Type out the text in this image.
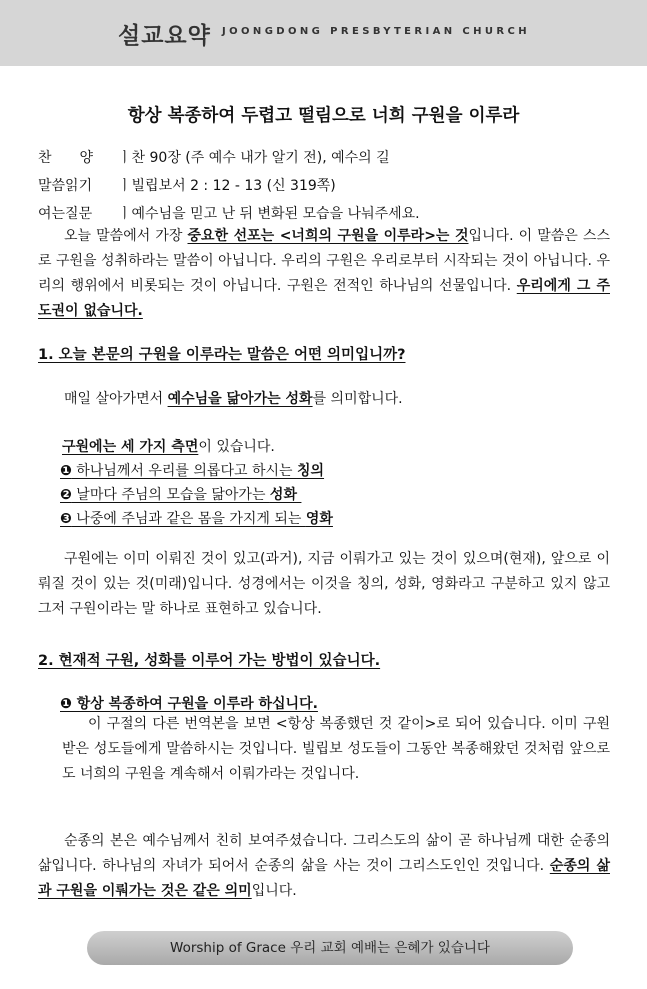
설교요약 JOONGDONG PRESBYTERIAN CHURCH
항상 복종하여 두렵고 떨림으로 너희 구원을 이루라
찬　　양 ㅣ찬 90장 (주 예수 내가 알기 전), 예수의 길
말씀읽기 ㅣ빌립보서 2 : 12 - 13 (신 319쪽)
여는질문 ㅣ예수님을 믿고 난 뒤 변화된 모습을 나눠주세요.

오늘 말씀에서 가장 중요한 선포는 <너희의 구원을 이루라>는 것입니다. 이 말씀은 스스로 구원을 성취하라는 말씀이 아닙니다. 우리의 구원은 우리로부터 시작되는 것이 아닙니다. 우리의 행위에서 비롯되는 것이 아닙니다. 구원은 전적인 하나님의 선물입니다. 우리에게 그 주도권이 없습니다.

1. 오늘 본문의 구원을 이루라는 말씀은 어떤 의미입니까?
매일 살아가면서 예수님을 닮아가는 성화를 의미합니다.
구원에는 세 가지 측면이 있습니다.
❶ 하나님께서 우리를 의롭다고 하시는 칭의
❷ 날마다 주님의 모습을 닮아가는 성화
❸ 나중에 주님과 같은 몸을 가지게 되는 영화

구원에는 이미 이뤄진 것이 있고(과거), 지금 이뤄가고 있는 것이 있으며(현재), 앞으로 이뤄질 것이 있는 것(미래)입니다. 성경에서는 이것을 칭의, 성화, 영화라고 구분하고 있지 않고 그저 구원이라는 말 하나로 표현하고 있습니다.

2. 현재적 구원, 성화를 이루어 가는 방법이 있습니다.
❶ 항상 복종하여 구원을 이루라 하십니다.

이 구절의 다른 번역본을 보면 <항상 복종했던 것 같이>로 되어 있습니다. 이미 구원 받은 성도들에게 말씀하시는 것입니다. 빌립보 성도들이 그동안 복종해왔던 것처럼 앞으로도 너희의 구원을 계속해서 이뤄가라는 것입니다.

순종의 본은 예수님께서 친히 보여주셨습니다. 그리스도의 삶이 곧 하나님께 대한 순종의 삶입니다. 하나님의 자녀가 되어서 순종의 삶을 사는 것이 그리스도인인 것입니다. 순종의 삶과 구원을 이뤄가는 것은 같은 의미입니다.

Worship of Grace 우리 교회 예배는 은혜가 있습니다
